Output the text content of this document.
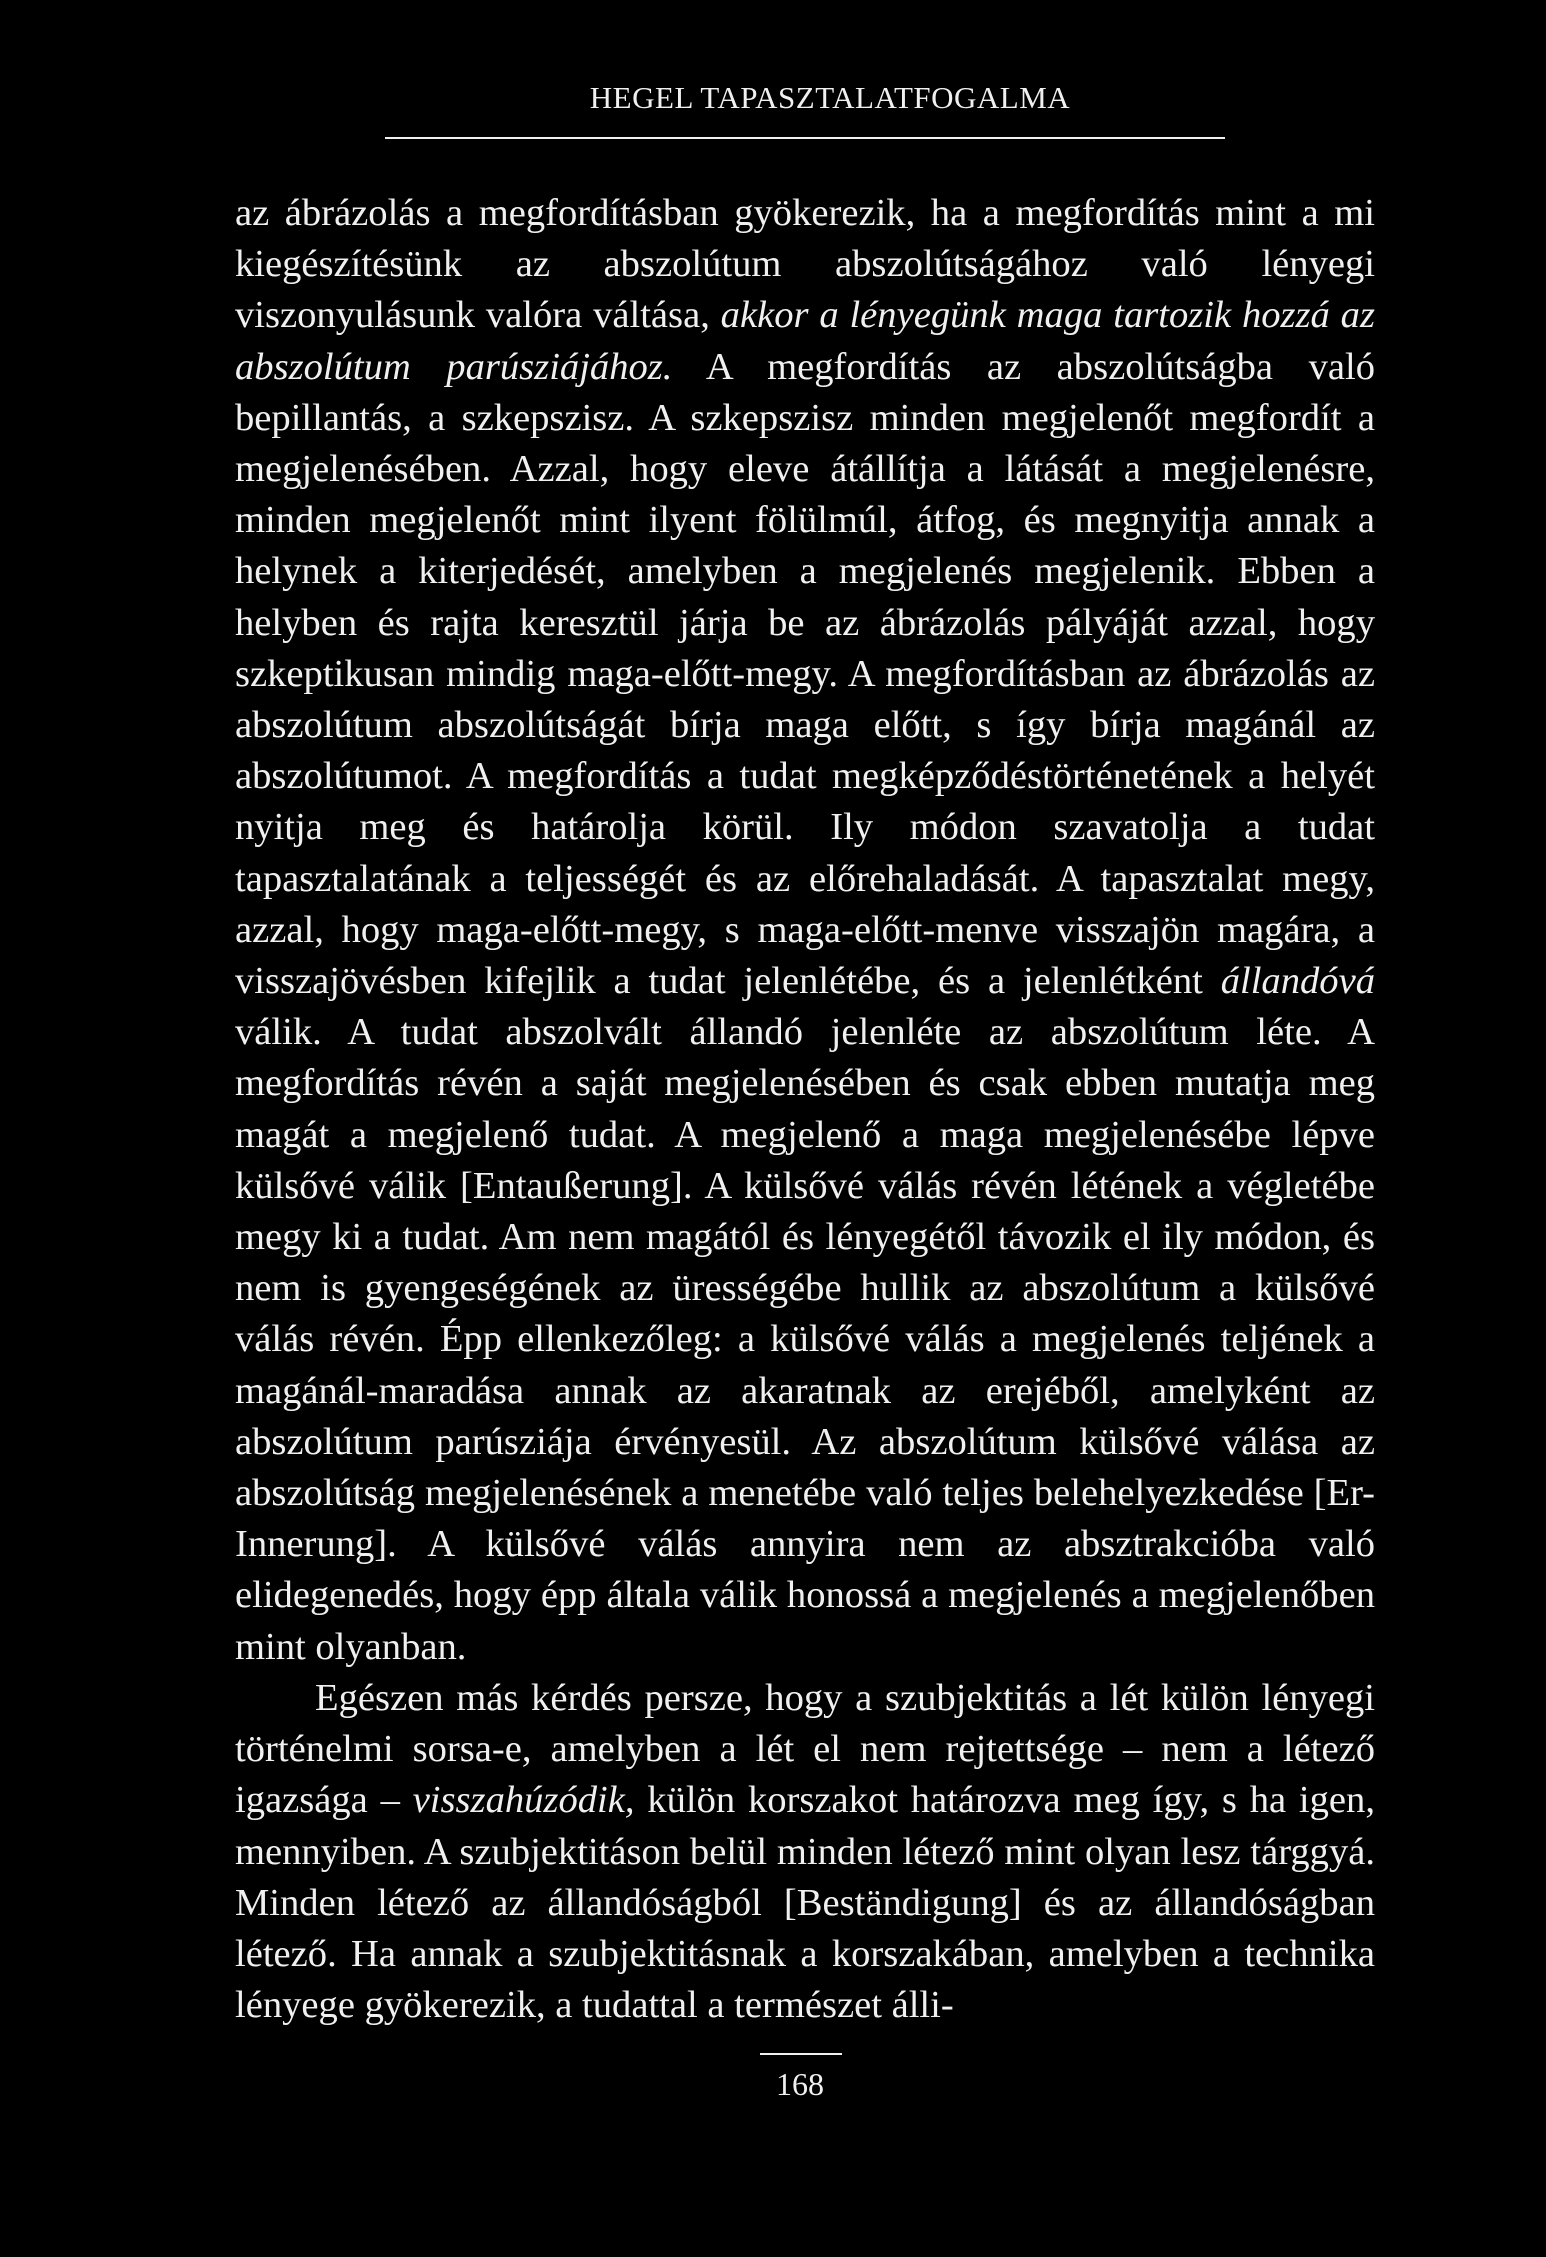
HEGEL TAPASZTALATFOGALMA

az ábrázolás a megfordításban gyökerezik, ha a megfordítás mint a mi kiegészítésünk az abszolútum abszolútságához való lényegi viszonyulásunk valóra váltása, akkor a lényegünk maga tartozik hozzá az abszolútum parúsziájához. A megfordítás az abszolútságba való bepillantás, a szkepszisz. A szkepszisz minden megjelenőt megfordít a megjelenésében. Azzal, hogy eleve átállítja a látását a megjelenésre, minden megjelenőt mint ilyent fölülmúl, átfog, és megnyitja annak a helynek a kiterjedését, amelyben a megjelenés megjelenik. Ebben a helyben és rajta keresztül járja be az ábrázolás pályáját azzal, hogy szkeptikusan mindig maga-előtt-megy. A megfordításban az ábrázolás az abszolútum abszolútságát bírja maga előtt, s így bírja magánál az abszolútumot. A megfordítás a tudat megképződéstörténetének a helyét nyitja meg és határolja körül. Ily módon szavatolja a tudat tapasztalatának a teljességét és az előrehaladását. A tapasztalat megy, azzal, hogy maga-előtt-megy, s maga-előtt-menve visszajön magára, a visszajövésben kifejlik a tudat jelenlétébe, és a jelenlétként állandóvá válik. A tudat abszolvált állandó jelenléte az abszolútum léte. A megfordítás révén a saját megjelenésében és csak ebben mutatja meg magát a megjelenő tudat. A megjelenő a maga megjelenésébe lépve külsővé válik [Entaußerung]. A külsővé válás révén létének a végletébe megy ki a tudat. Am nem magától és lényegétől távozik el ily módon, és nem is gyengeségének az ürességébe hullik az abszolútum a külsővé válás révén. Épp ellenkezőleg: a külsővé válás a megjelenés teljének a magánál-maradása annak az akaratnak az erejéből, amelyként az abszolútum parúsziája érvényesül. Az abszolútum külsővé válása az abszolútság megjelenésének a menetébe való teljes belehelyezkedése [Er-Innerung]. A külsővé válás annyira nem az absztrakcióba való elidegenedés, hogy épp általa válik honossá a megjelenés a megjelenőben mint olyanban.

Egészen más kérdés persze, hogy a szubjektitás a lét külön lényegi történelmi sorsa-e, amelyben a lét el nem rejtettsége – nem a létező igazsága – visszahúzódik, külön korszakot határozva meg így, s ha igen, mennyiben. A szubjektitáson belül minden létező mint olyan lesz tárggyá. Minden létező az állandóságból [Beständigung] és az állandóságban létező. Ha annak a szubjektitásnak a korszakában, amelyben a technika lényege gyökerezik, a tudattal a természet álli-

168
